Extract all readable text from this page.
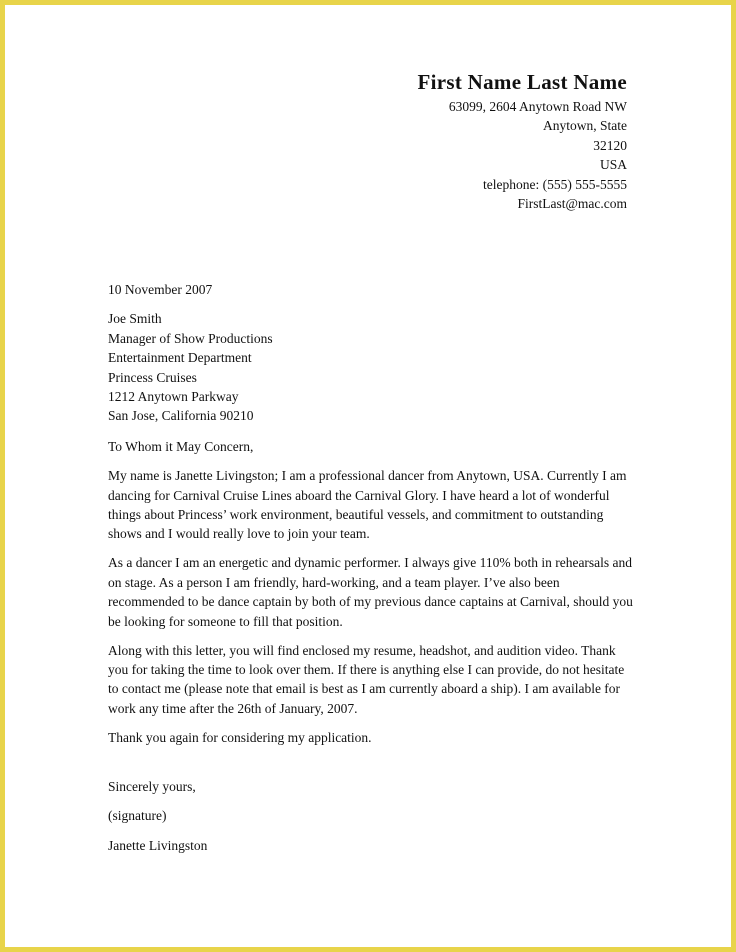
First Name Last Name
63099, 2604 Anytown Road NW
Anytown, State
32120
USA
telephone: (555) 555-5555
FirstLast@mac.com

10 November 2007

Joe Smith
Manager of Show Productions
Entertainment Department
Princess Cruises
1212 Anytown Parkway
San Jose, California 90210

To Whom it May Concern,

My name is Janette Livingston; I am a professional dancer from Anytown, USA. Currently I am dancing for Carnival Cruise Lines aboard the Carnival Glory. I have heard a lot of wonderful things about Princess’ work environment, beautiful vessels, and commitment to outstanding shows and I would really love to join your team.

As a dancer I am an energetic and dynamic performer. I always give 110% both in rehearsals and on stage. As a person I am friendly, hard-working, and a team player. I’ve also been recommended to be dance captain by both of my previous dance captains at Carnival, should you be looking for someone to fill that position.

Along with this letter, you will find enclosed my resume, headshot, and audition video. Thank you for taking the time to look over them. If there is anything else I can provide, do not hesitate to contact me (please note that email is best as I am currently aboard a ship). I am available for work any time after the 26th of January, 2007.

Thank you again for considering my application.

Sincerely yours,

(signature)

Janette Livingston
